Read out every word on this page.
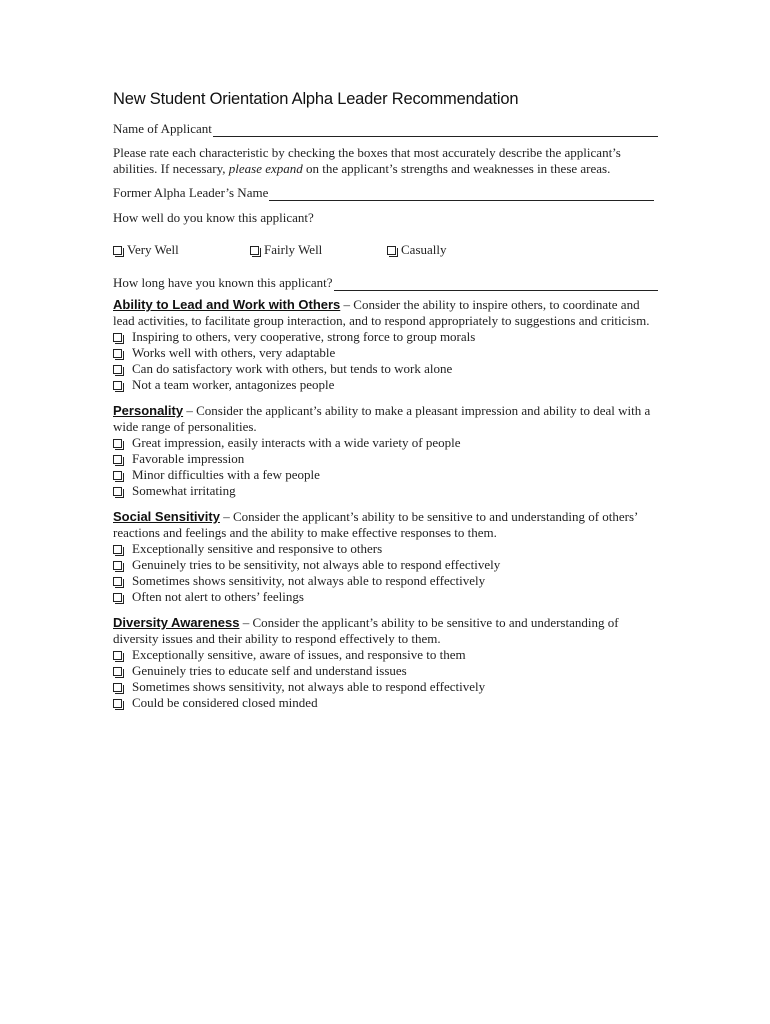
New Student Orientation Alpha Leader Recommendation
Name of Applicant

Please rate each characteristic by checking the boxes that most accurately describe the applicant’s abilities. If necessary, please expand on the applicant’s strengths and weaknesses in these areas.

Former Alpha Leader’s Name

How well do you know this applicant?

Very Well	Fairly Well	Casually
How long have you known this applicant?

Ability to Lead and Work with Others – Consider the ability to inspire others, to coordinate and lead activities, to facilitate group interaction, and to respond appropriately to suggestions and criticism.

Inspiring to others, very cooperative, strong force to group morals
Works well with others, very adaptable
Can do satisfactory work with others, but tends to work alone
Not a team worker, antagonizes people

Personality – Consider the applicant’s ability to make a pleasant impression and ability to deal with a wide range of personalities.

Great impression, easily interacts with a wide variety of people
Favorable impression
Minor difficulties with a few people
Somewhat irritating

Social Sensitivity – Consider the applicant’s ability to be sensitive to and understanding of others’ reactions and feelings and the ability to make effective responses to them.

Exceptionally sensitive and responsive to others
Genuinely tries to be sensitivity, not always able to respond effectively
Sometimes shows sensitivity, not always able to respond effectively
Often not alert to others’ feelings

Diversity Awareness – Consider the applicant’s ability to be sensitive to and understanding of diversity issues and their ability to respond effectively to them.

Exceptionally sensitive, aware of issues, and responsive to them
Genuinely tries to educate self and understand issues
Sometimes shows sensitivity, not always able to respond effectively
Could be considered closed minded
